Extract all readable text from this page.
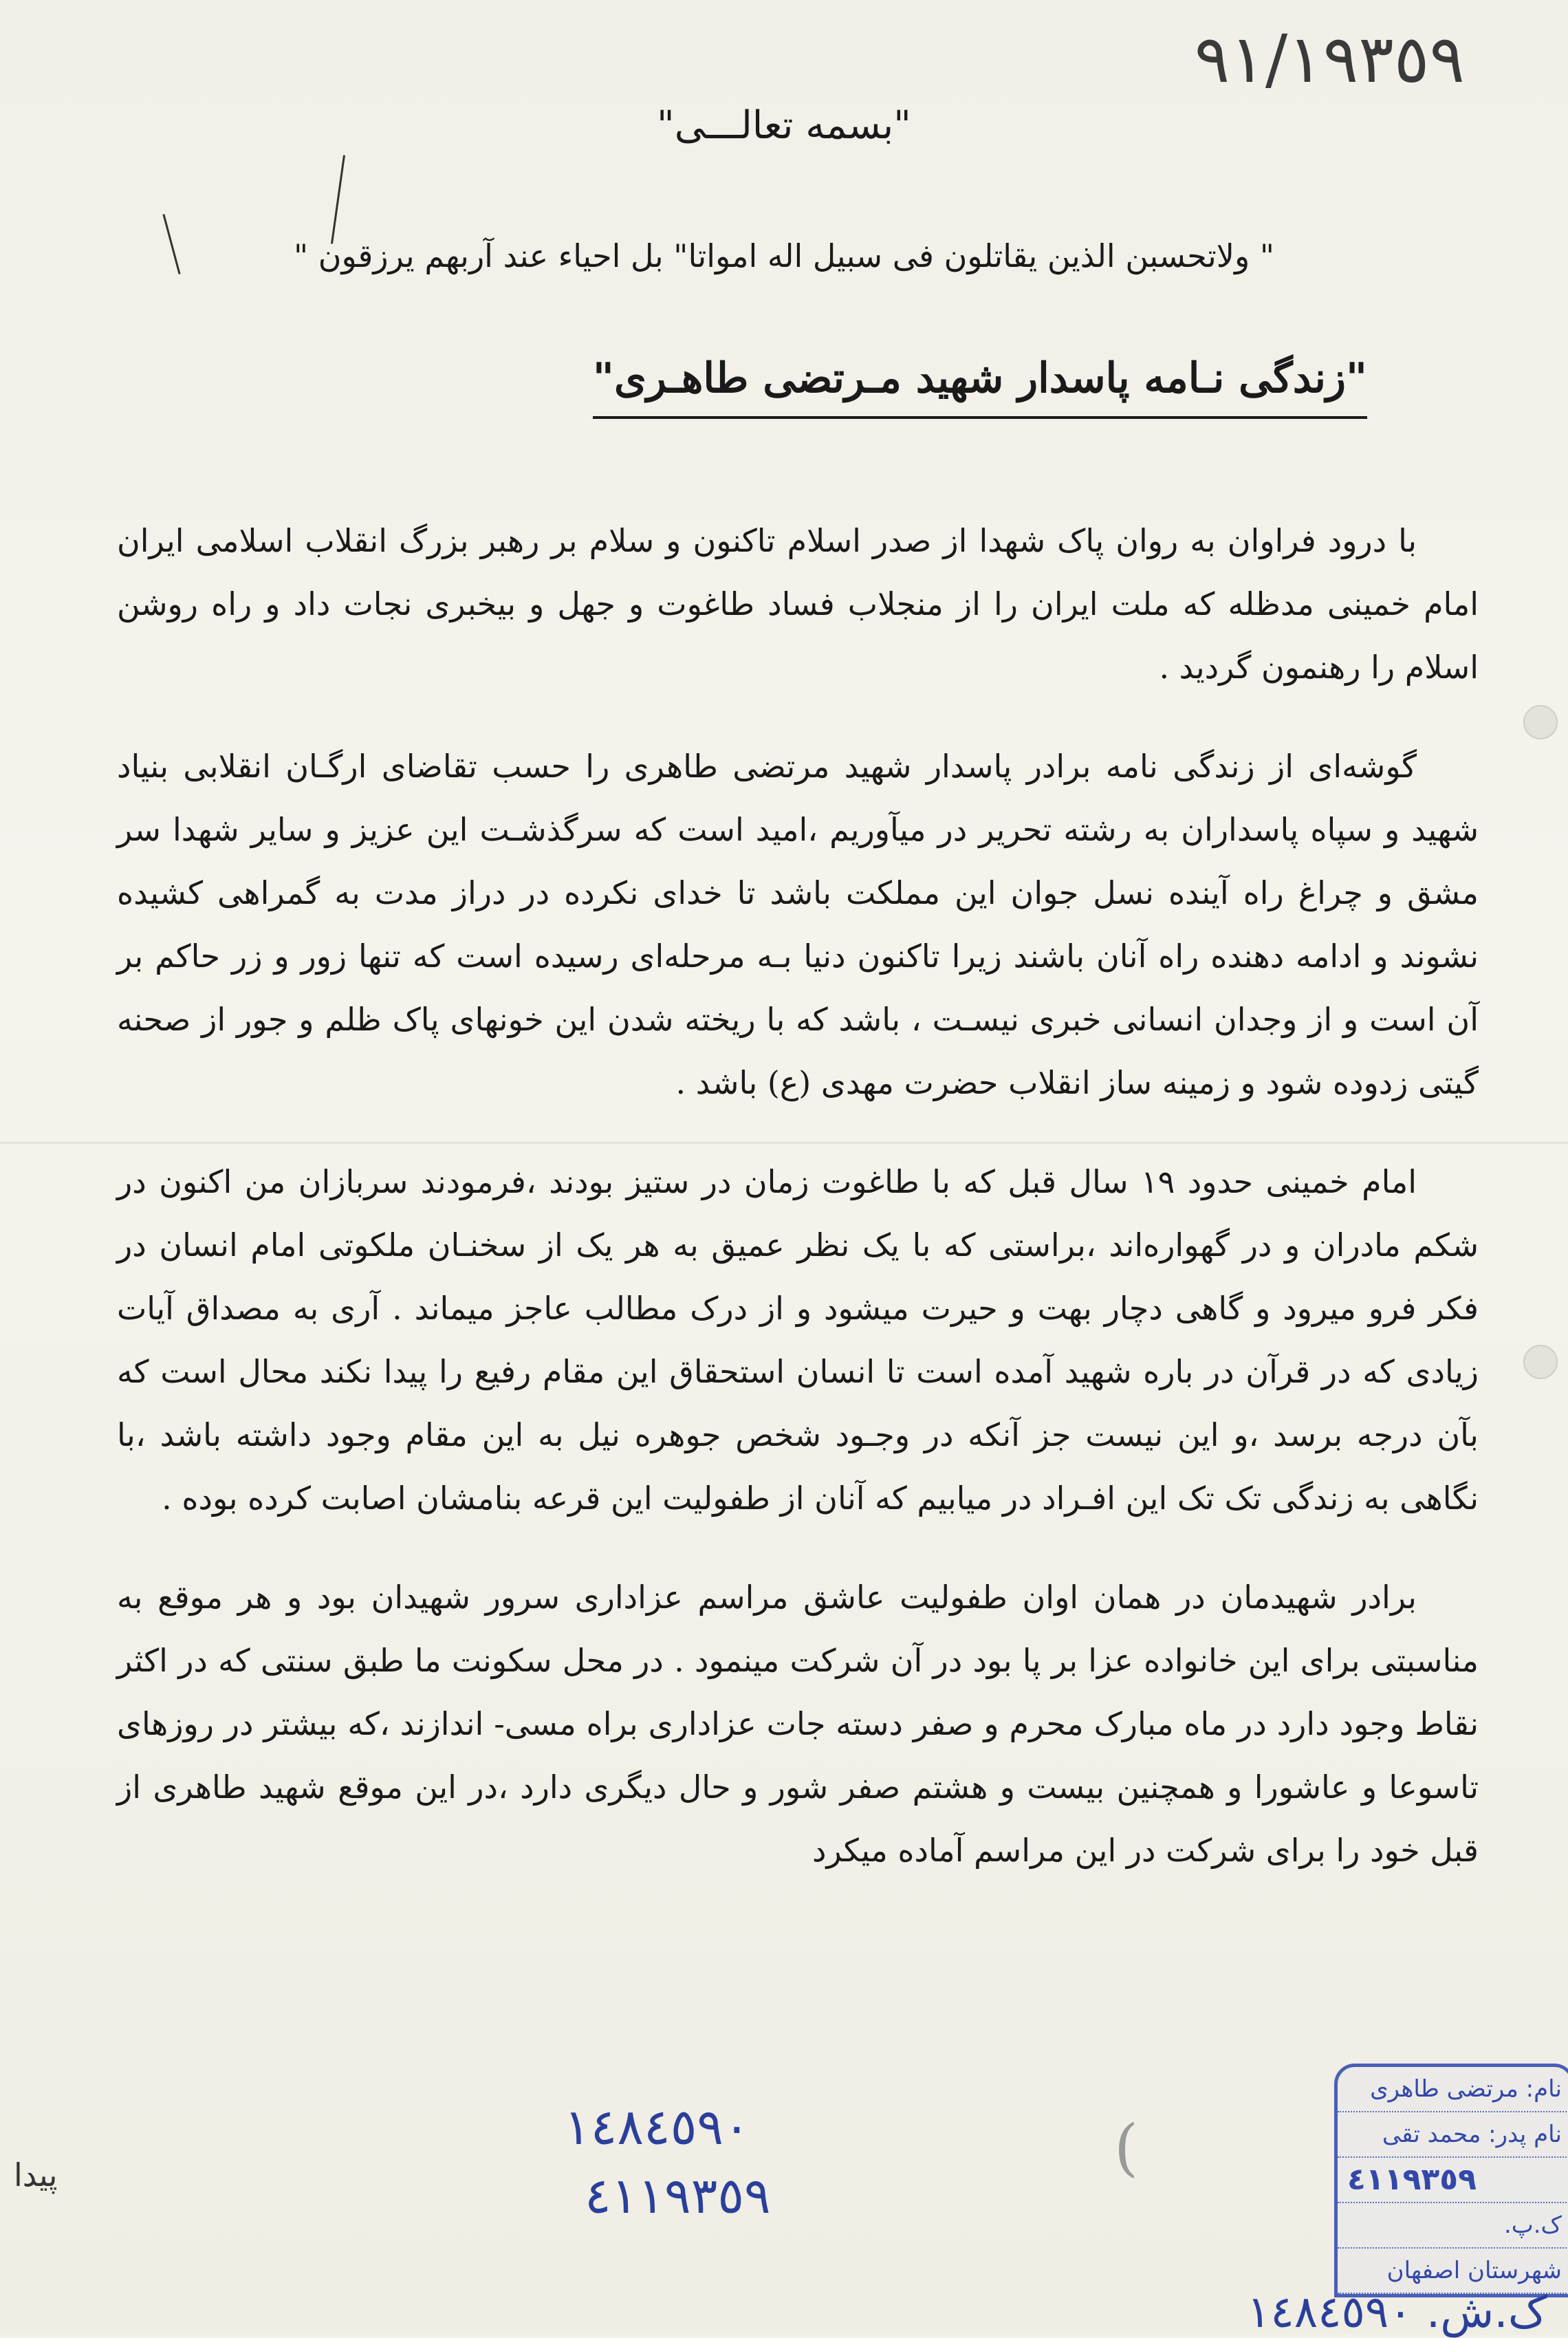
٩١/١٩٣٥٩
"بسمه تعالـــی"
" ولاتحسبن الذین یقاتلون فی سبیل اله امواتا" بل احیاء عند آربهم یرزقون "
"زندگی نـامه پاسدار شهید مـرتضی طاهـری"

با درود فراوان به روان پاک شهدا از صدر اسلام تاکنون و سلام بر رهبر بزرگ انقلاب اسلامی ایران امام خمینی مدظله که ملت ایران را از منجلاب فساد طاغوت و جهل و بیخبری نجات داد و راه روشن اسلام را رهنمون گردید .

گوشه‌ای از زندگی نامه برادر پاسدار شهید مرتضی طاهری را حسب تقاضای ارگـان انقلابی بنیاد شهید و سپاه پاسداران به رشته تحریر در میآوریم ،امید است که سرگذشـت این عزیز و سایر شهدا سر مشق و چراغ راه آینده نسل جوان این مملکت باشد تا خدای نکرده در دراز مدت به گمراهی کشیده نشوند و ادامه دهنده راه آنان باشند زیرا تاکنون دنیا بـه مرحله‌ای رسیده است که تنها زور و زر حاکم بر آن است و از وجدان انسانی خبری نیسـت ، باشد که با ریخته شدن این خونهای پاک ظلم و جور از صحنه گیتی زدوده شود و زمینه ساز انقلاب حضرت مهدی (ع) باشد .

امام خمینی حدود ١٩ سال قبل که با طاغوت زمان در ستیز بودند ،فرمودند سربازان من اکنون در شکم مادران و در گهواره‌اند ،براستی که با یک نظر عمیق به هر یک از سخنـان ملکوتی امام انسان در فکر فرو میرود و گاهی دچار بهت و حیرت میشود و از درک مطالب عاجز میماند . آری به مصداق آیات زیادی که در قرآن در باره شهید آمده است تا انسان استحقاق این مقام رفیع را پیدا نکند محال است که بآن درجه برسد ،و این نیست جز آنکه در وجـود شخص جوهره نیل به این مقام وجود داشته باشد ،با نگاهی به زندگی تک تک این افـراد در میابیم که آنان از طفولیت این قرعه بنامشان اصابت کرده بوده .

برادر شهیدمان در همان اوان طفولیت عاشق مراسم عزاداری سرور شهیدان بود و هر موقع به مناسبتی برای این خانواده عزا بر پا بود در آن شرکت مینمود . در محل سکونت ما طبق سنتی که در اکثر نقاط وجود دارد در ماه مبارک محرم و صفر دسته جات عزاداری براه مسی- اندازند ،که بیشتر در روزهای تاسوعا و عاشورا و همچنین بیست و هشتم صفر شور و حال دیگری دارد ،در این موقع شهید طاهری از قبل خود را برای شرکت در این مراسم آماده میکرد

پیدا
١٤٨٤٥٩٠
٤١١٩٣٥٩
(
نام: مرتضی طاهری
نام پدر: محمد تقی
٤١١٩٣٥٩
ک.پ.
شهرستان اصفهان
ک.ش. ١٤٨٤٥٩٠
